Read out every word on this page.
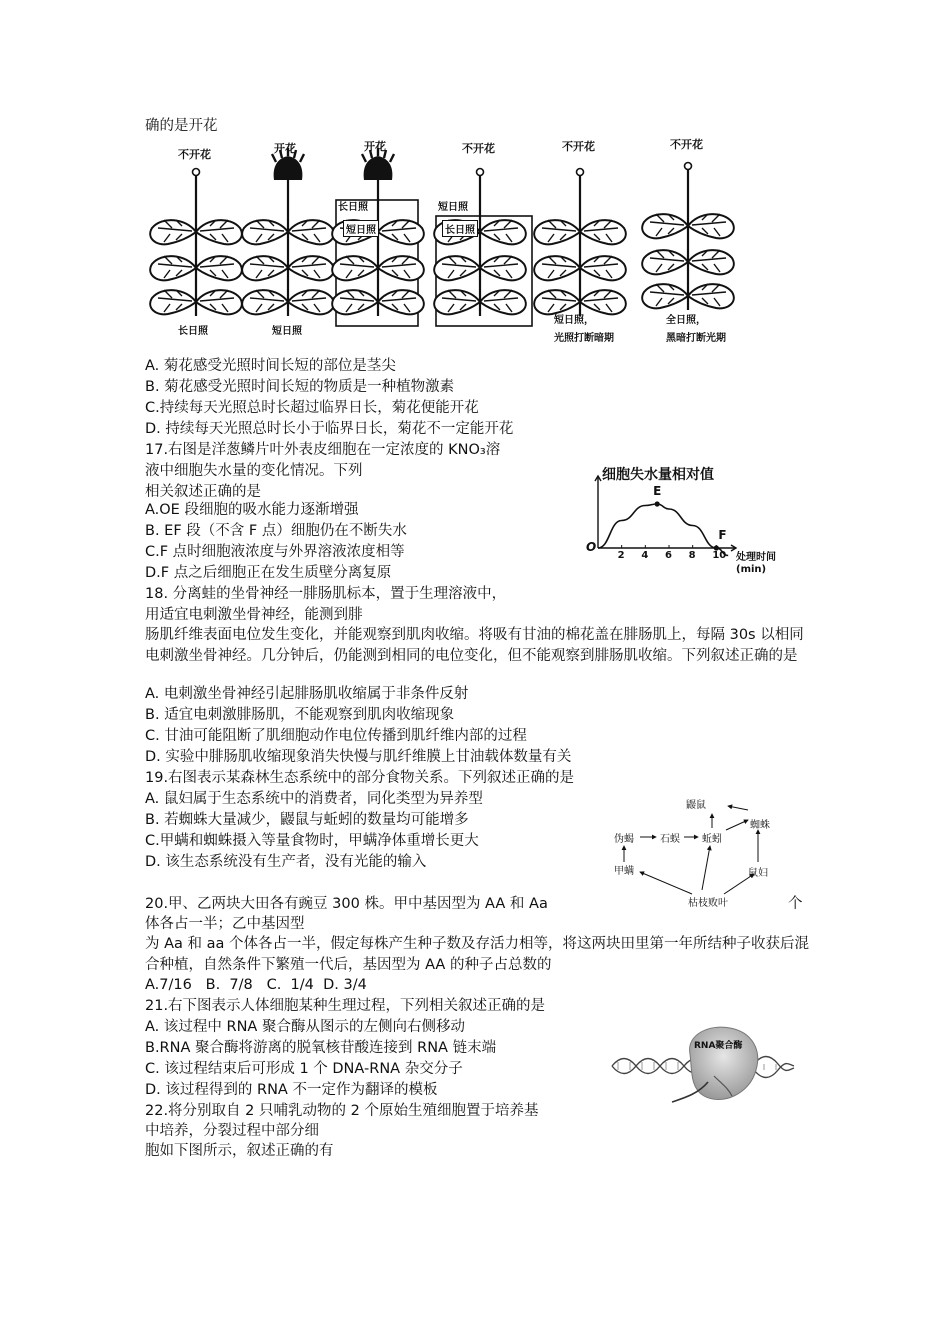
确的是开花
不开花	开花	开花	不开花	不开花	不开花
长日照
短日照
短日照
长日照
长日照	短日照
短日照，
光照打断暗期
全日照，
黑暗打断光期
A. 菊花感受光照时间长短的部位是茎尖
B. 菊花感受光照时间长短的物质是一种植物激素
C.持续每天光照总时长超过临界日长，菊花便能开花
D. 持续每天光照总时长小于临界日长，菊花不一定能开花
17.右图是洋葱鳞片叶外表皮细胞在一定浓度的 KNO₃溶
液中细胞失水量的变化情况。下列
相关叙述正确的是
A.OE 段细胞的吸水能力逐渐增强
B. EF 段（不含 F 点）细胞仍在不断失水
C.F 点时细胞液浓度与外界溶液浓度相等
D.F 点之后细胞正在发生质壁分离复原
细胞失水量相对值
O
E
F
处理时间(min)
2 4 6 8 10
18. 分离蛙的坐骨神经一腓肠肌标本，置于生理溶液中，
用适宜电刺激坐骨神经，能测到腓
肠肌纤维表面电位发生变化，并能观察到肌肉收缩。将吸有甘油的棉花盖在腓肠肌上，每隔 30s 以相同电刺激坐骨神经。几分钟后，仍能测到相同的电位变化，但不能观察到腓肠肌收缩。下列叙述正确的是
A. 电刺激坐骨神经引起腓肠肌收缩属于非条件反射
B. 适宜电刺激腓肠肌，不能观察到肌肉收缩现象
C. 甘油可能阻断了肌细胞动作电位传播到肌纤维内部的过程
D. 实验中腓肠肌收缩现象消失快慢与肌纤维膜上甘油载体数量有关
19.右图表示某森林生态系统中的部分食物关系。下列叙述正确的是
A. 鼠妇属于生态系统中的消费者，同化类型为异养型
B. 若蜘蛛大量减少，鼹鼠与蚯蚓的数量均可能增多
C.甲螨和蜘蛛摄入等量食物时，甲螨净体重增长更大
D. 该生态系统没有生产者，没有光能的输入
鼹鼠
蜘蛛
伪蝎	石蜈 蚯蚓
甲螨	鼠妇
枯枝败叶
20.甲、乙两块大田各有豌豆 300 株。甲中基因型为 AA 和 Aa	个
体各占一半；乙中基因型
为 Aa 和 aa 个体各占一半，假定每株产生种子数及存活力相等，将这两块田里第一年所结种子收获后混合种植，自然条件下繁殖一代后，基因型为 AA 的种子占总数的
A.7/16   B.  7/8   C.  1/4  D. 3/4
21.右下图表示人体细胞某种生理过程，下列相关叙述正确的是
A. 该过程中 RNA 聚合酶从图示的左侧向右侧移动
B.RNA 聚合酶将游离的脱氧核苷酸连接到 RNA 链末端
C. 该过程结束后可形成 1 个 DNA-RNA 杂交分子
D. 该过程得到的 RNA 不一定作为翻译的模板
RNA聚合酶
22.将分别取自 2 只哺乳动物的 2 个原始生殖细胞置于培养基
中培养，分裂过程中部分细
胞如下图所示，叙述正确的有
